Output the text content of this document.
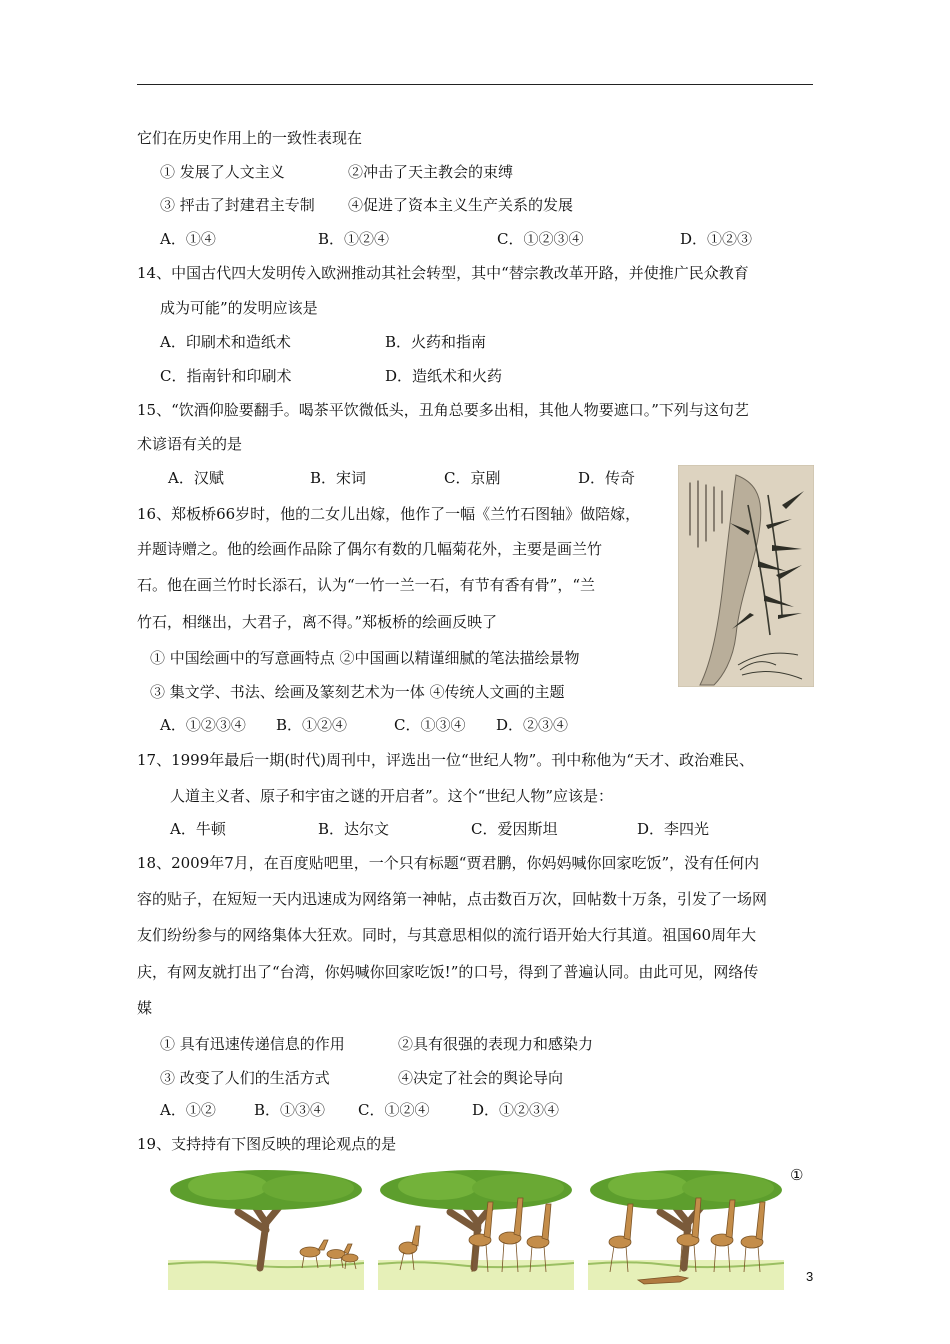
它们在历史作用上的一致性表现在
① 发展了人文主义	②冲击了天主教会的束缚
③ 抨击了封建君主专制 ④促进了资本主义生产关系的发展
A．①④	B．①②④	C．①②③④	D．①②③
14、中国古代四大发明传入欧洲推动其社会转型，其中“替宗教改革开路，并使推广民众教育
成为可能”的发明应该是
A．印刷术和造纸术	B．火药和指南
C．指南针和印刷术	D．造纸术和火药
15、“饮酒仰脸要翻手。喝茶平饮微低头，丑角总要多出相，其他人物要遮口。”下列与这句艺
术谚语有关的是
A．汉赋	B．宋词	C．京剧	D．传奇
16、郑板桥66岁时，他的二女儿出嫁，他作了一幅《兰竹石图轴》做陪嫁，
并题诗赠之。他的绘画作品除了偶尔有数的几幅菊花外，主要是画兰竹
石。他在画兰竹时长添石，认为“一竹一兰一石，有节有香有骨”，“兰
竹石，相继出，大君子，离不得。”郑板桥的绘画反映了
① 中国绘画中的写意画特点 ②中国画以精谨细腻的笔法描绘景物
③ 集文学、书法、绘画及篆刻艺术为一体 ④传统人文画的主题
A．①②③④ B．①②④	C．①③④ D．②③④
17、1999年最后一期(时代)周刊中，评选出一位“世纪人物”。刊中称他为“天才、政治难民、
人道主义者、原子和宇宙之谜的开启者”。这个“世纪人物”应该是：
A．牛顿	B．达尔文	C．爱因斯坦	D．李四光
18、2009年7月，在百度贴吧里，一个只有标题“贾君鹏，你妈妈喊你回家吃饭”，没有任何内
容的贴子，在短短一天内迅速成为网络第一神帖，点击数百万次，回帖数十万条，引发了一场网
友们纷纷参与的网络集体大狂欢。同时，与其意思相似的流行语开始大行其道。祖国60周年大
庆，有网友就打出了“台湾，你妈喊你回家吃饭!”的口号，得到了普遍认同。由此可见，网络传
媒
① 具有迅速传递信息的作用	②具有很强的表现力和感染力
③ 改变了人们的生活方式	④决定了社会的舆论导向
A．①②	B．①③④ C．①②④	D．①②③④
19、支持持有下图反映的理论观点的是
①
3
